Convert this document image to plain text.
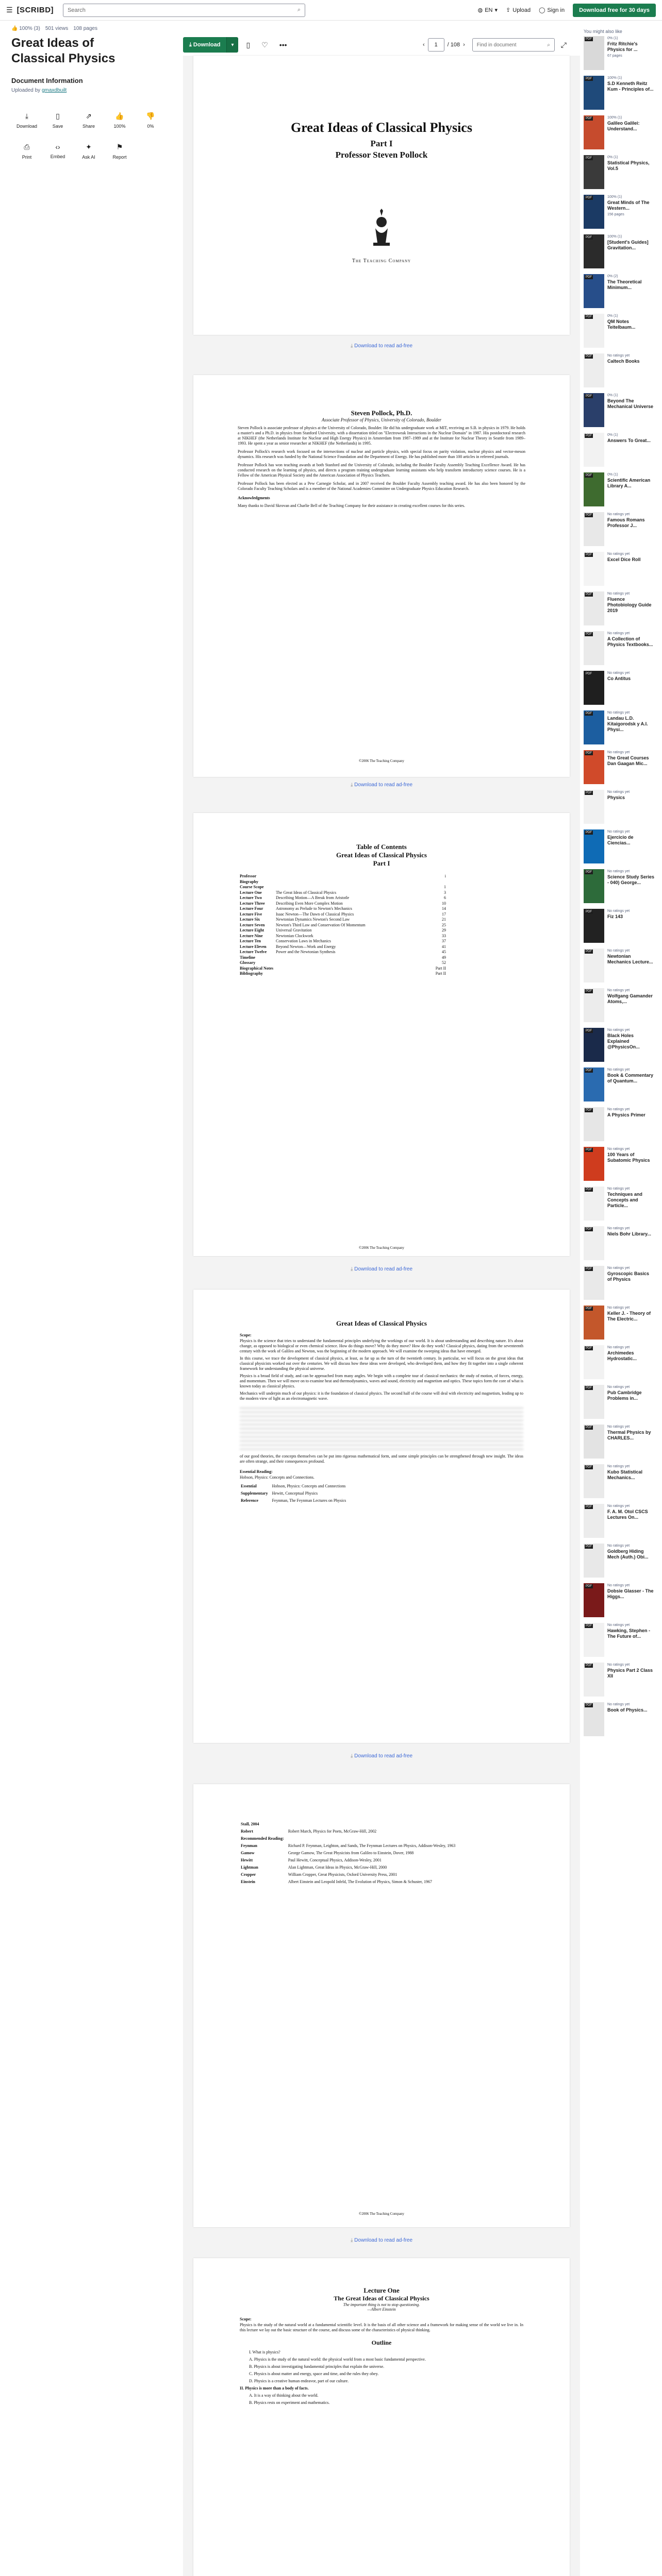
☰ [SCRIBD] Search	⌕	◍ EN ▾ ⇪ Upload ◯ Sign in	Download free for 30 days
👍 100% (3) 501 views 108 pages
Great Ideas of Classical Physics
Document Information
Uploaded by gmaxdbuilt
⤓
Download
▯
Save
⇗
Share
👍
100%
👎
0%
⎙
Print
‹›
Embed
✦
Ask AI
⚑
Report
⤓ Download	▾	▯	♡	•••	‹	1	/ 108 › Find in document	⌕	⤢
Great Ideas of Classical Physics
Part I
Professor Steven Pollock
The Teaching Company
⤓ Download to read ad-free
Steven Pollock, Ph.D.
Associate Professor of Physics, University of Colorado, Boulder

Steven Pollock is associate professor of physics at the University of Colorado, Boulder. He did his undergraduate work at MIT, receiving an S.B. in physics in 1979. He holds a master's and a Ph.D. in physics from Stanford University, with a dissertation titled on "Electroweak Interactions in the Nuclear Domain" in 1987. His postdoctoral research at NIKHEF (the Netherlands Institute for Nuclear and High Energy Physics) in Amsterdam from 1987–1989 and at the Institute for Nuclear Theory in Seattle from 1989–1993. He spent a year as senior researcher at NIKHEF (the Netherlands) in 1995.

Professor Pollock's research work focused on the intersections of nuclear and particle physics, with special focus on parity violation, nuclear physics and vector-meson dynamics. His research was funded by the National Science Foundation and the Department of Energy. He has published more than 100 articles in refereed journals.

Professor Pollock has won teaching awards at both Stanford and the University of Colorado, including the Boulder Faculty Assembly Teaching Excellence Award. He has conducted research on the learning of physics, and directs a program training undergraduate learning assistants who help transform introductory science courses. He is a Fellow of the American Physical Society and the American Association of Physics Teachers.

Professor Pollock has been elected as a Pew Carnegie Scholar, and in 2007 received the Boulder Faculty Assembly teaching award. He has also been honored by the Colorado Faculty Teaching Scholars and is a member of the National Academies Committee on Undergraduate Physics Education Research.

Acknowledgments

Many thanks to David Skrovan and Charlie Bell of the Teaching Company for their assistance in creating excellent courses for this series.

©2006 The Teaching Company
⤓ Download to read ad-free
Table of Contents
Great Ideas of Classical Physics
Part I
Professor Biography		i
Course Scope		1
Lecture One	The Great Ideas of Classical Physics	3
Lecture Two	Describing Motion—A Break from Aristotle	6
Lecture Three	Describing Even More Complex Motion	10
Lecture Four	Astronomy as Prelude to Newton's Mechanics	14
Lecture Five	Isaac Newton—The Dawn of Classical Physics	17
Lecture Six	Newtonian Dynamics Newton's Second Law	21
Lecture Seven	Newton's Third Law and Conservation Of Momentum	25
Lecture Eight	Universal Gravitation	29
Lecture Nine	Newtonian Clockwork	33
Lecture Ten	Conservation Laws in Mechanics	37
Lecture Eleven	Beyond Newton—Work and Energy	41
Lecture Twelve	Power and the Newtonian Synthesis	45
Timeline		49
Glossary		52
Biographical Notes		Part II
Bibliography		Part II
©2006 The Teaching Company
⤓ Download to read ad-free
Great Ideas of Classical Physics
Scope:

Physics is the science that tries to understand the fundamental principles underlying the workings of our world. It is about understanding and describing nature. It's about change, as opposed to biological or even chemical science. How do things move? Why do they move? How do they work? Classical physics, dating from the seventeenth century with the work of Galileo and Newton, was the beginning of the modern approach. We will examine the sweeping ideas that have emerged.

In this course, we trace the development of classical physics, at least, as far up as the turn of the twentieth century. In particular, we will focus on the great ideas that classical physicists worked out over the centuries. We will discuss how these ideas were developed, who developed them, and how they fit together into a single coherent framework for understanding the physical universe.

Physics is a broad field of study, and can be approached from many angles. We begin with a complete tour of classical mechanics: the study of motion, of forces, energy, and momentum. Then we will move on to examine heat and thermodynamics, waves and sound, electricity and magnetism and optics. These topics form the core of what is known today as classical physics.

Mechanics will underpin much of our physics: it is the foundation of classical physics. The second half of the course will deal with electricity and magnetism, leading up to the modern view of light as an electromagnetic wave.

of our good theories, the concepts themselves can be put into rigorous mathematical form, and some simple principles can be strengthened through new insight. The ideas are often strange, and their consequences profound.

Essential Reading:

Hobson, Physics: Concepts and Connections.

Essential	Hobson, Physics: Concepts and Connections
Supplementary	Hewitt, Conceptual Physics
Reference	Feynman, The Feynman Lectures on Physics
⤓ Download to read ad-free
Stall, 2004	
Robert	Robert March, Physics for Poets, McGraw-Hill, 2002
Recommended Reading:	
Feynman	Richard P. Feynman, Leighton, and Sands, The Feynman Lectures on Physics, Addison-Wesley, 1963
Gamow	George Gamow, The Great Physicists from Galileo to Einstein, Dover, 1988
Hewitt	Paul Hewitt, Conceptual Physics, Addison-Wesley, 2001
Lightman	Alan Lightman, Great Ideas in Physics, McGraw-Hill, 2000
Cropper	William Cropper, Great Physicists, Oxford University Press, 2001
Einstein	Albert Einstein and Leopold Infeld, The Evolution of Physics, Simon & Schuster, 1967
©2006 The Teaching Company
⤓ Download to read ad-free
Lecture One
The Great Ideas of Classical Physics
The important thing is not to stop questioning.
—Albert Einstein
Scope:

Physics is the study of the natural world at a fundamental scientific level. It is the basis of all other science and a framework for making sense of the world we live in. In this lecture we lay out the basic structure of the course, and discuss some of the characteristics of physical thinking.

Outline

I. What is physics?

A. Physics is the study of the natural world: the physical world from a most basic fundamental perspective.

B. Physics is about investigating fundamental principles that explain the universe.

C. Physics is about matter and energy, space and time, and the rules they obey.

D. Physics is a creative human endeavor, part of our culture.

II. Physics is more than a body of facts.

A. It is a way of thinking about the world.

B. Physics rests on experiment and mathematics.

You might also like
PDF	0% (1)
Fritz Ritchie's Physics for ...
67 pages
PDF	100% (1)
S.D Kenneth Reitz Kum - Principles of...
PDF	100% (1)
Galileo Galilei: Understand...
PDF	0% (1)
Statistical Physics, Vol.5
PDF	100% (1)
Great Minds of The Western...
156 pages
PDF	100% (1)
[Student's Guides] Gravitation...
PDF	0% (2)
The Theoretical Minimum...
PDF	0% (1)
QM Notes Teitelbaum...
PDF	No ratings yet
Caltech Books
PDF	0% (1)
Beyond The Mechanical Universe
PDF	0% (1)
Answers To Great...
PDF	0% (1)
Scientific American Library A...
PDF	No ratings yet
Famous Romans Professor J...
PDF	No ratings yet
Excel Dice Roll
PDF	No ratings yet
Fluence Photobiology Guide 2019
PDF	No ratings yet
A Collection of Physics Textbooks...
PDF	No ratings yet
Co Antitus
PDF	No ratings yet
Landau L.D. Kitaigorodsk y A.I. Physi...
PDF	No ratings yet
The Great Courses Dan Gaagan Mic...
PDF	No ratings yet
Physics
PDF	No ratings yet
Ejercicio de Ciencias...
PDF	No ratings yet
Science Study Series - 040) George...
PDF	No ratings yet
Fiz 143
PDF	No ratings yet
Newtonian Mechanics Lecture...
PDF	No ratings yet
Wolfgang Gamander Atoms,...
PDF	No ratings yet
Black Holes Explained @PhysicsOn...
PDF	No ratings yet
Book & Commentary of Quantum...
PDF	No ratings yet
A Physics Primer
PDF	No ratings yet
100 Years of Subatomic Physics
PDF	No ratings yet
Techniques and Concepts and Particle...
PDF	No ratings yet
Niels Bohr Library...
PDF	No ratings yet
Gyroscopic Basics of Physics
PDF	No ratings yet
Keller J. - Theory of The Electric...
PDF	No ratings yet
Archimedes Hydrostatic...
PDF	No ratings yet
Pub Cambridge Problems in...
PDF	No ratings yet
Thermal Physics by CHARLES...
PDF	No ratings yet
Kubo Statistical Mechanics...
PDF	No ratings yet
F. A. M. Otol CSCS Lectures On...
PDF	No ratings yet
Goldberg Hiding Mech (Auth.) Obi...
PDF	No ratings yet
Dobsie Glasser - The Higgs...
PDF	No ratings yet
Hawking, Stephen - The Future of...
PDF	No ratings yet
Physics Part 2 Class XII
PDF	No ratings yet
Book of Physics...
